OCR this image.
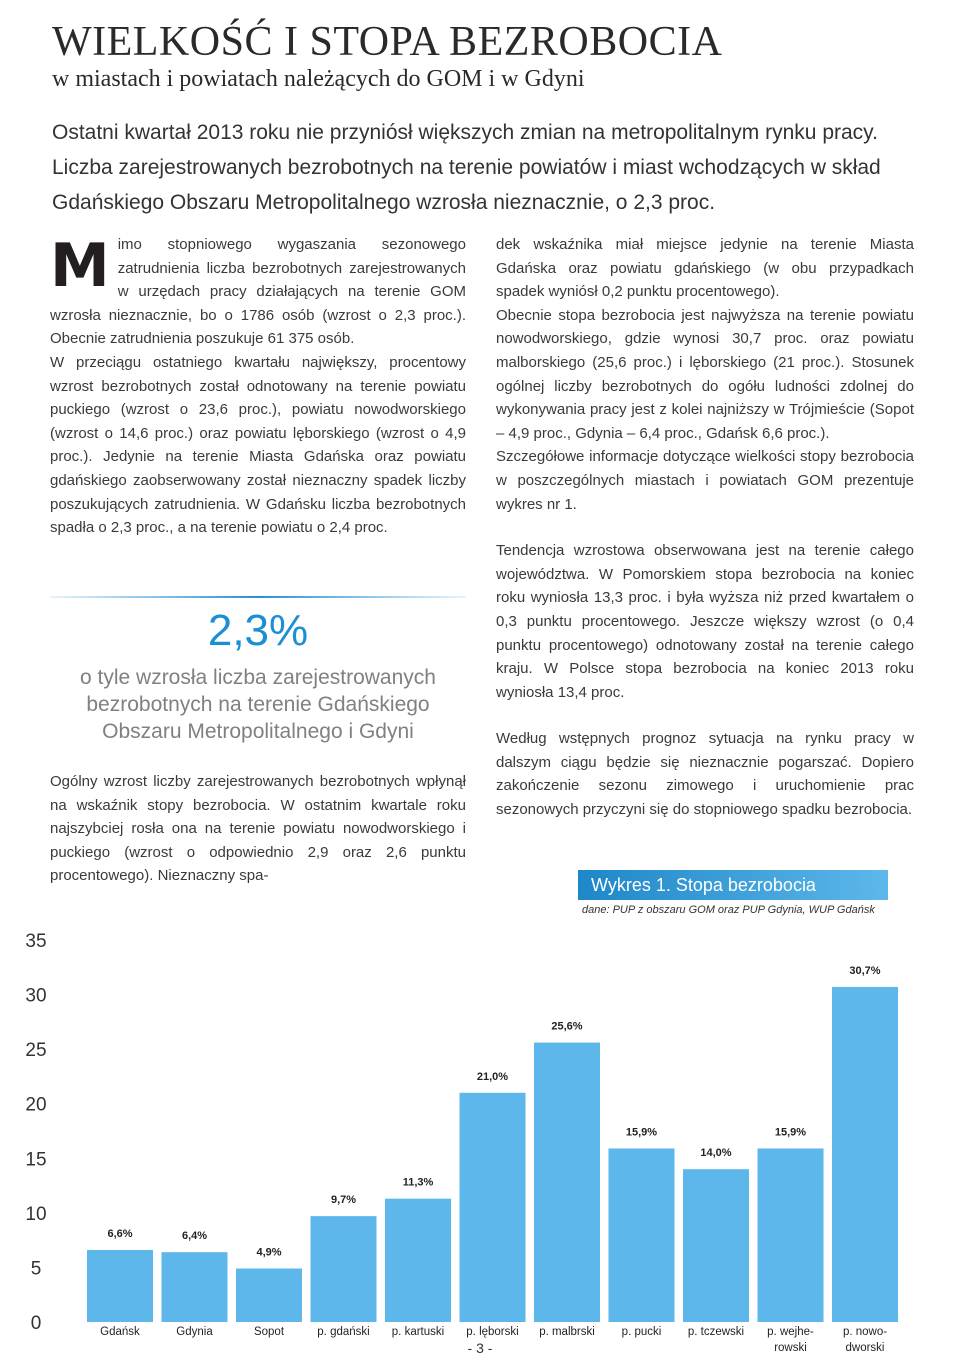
WIELKOŚĆ I STOPA BEZROBOCIA
w miastach i powiatach należących do GOM i w Gdyni
Ostatni kwartał 2013 roku nie przyniósł większych zmian na metropolitalnym rynku pracy. Liczba zarejestrowanych bezrobotnych na terenie powiatów i miast wchodzących w skład Gdańskiego Obszaru Metropolitalnego wzrosła nieznacznie, o 2,3 proc.

Mimo stopniowego wygaszania sezonowego zatrudnienia liczba bezrobotnych zarejestrowanych w urzędach pracy działających na terenie GOM wzrosła nieznacznie, bo o 1786 osób (wzrost o 2,3 proc.). Obecnie zatrudnienia poszukuje 61 375 osób.

W przeciągu ostatniego kwartału największy, procentowy wzrost bezrobotnych został odnotowany na terenie powiatu puckiego (wzrost o 23,6 proc.), powiatu nowodworskiego (wzrost o 14,6 proc.) oraz powiatu lęborskiego (wzrost o 4,9 proc.). Jedynie na terenie Miasta Gdańska oraz powiatu gdańskiego zaobserwowany został nieznaczny spadek liczby poszukujących zatrudnienia. W Gdańsku liczba bezrobotnych spadła o 2,3 proc., a na terenie powiatu o 2,4 proc.

2,3%
o tyle wzrosła liczba zarejestrowanych bezrobotnych na terenie Gdańskiego Obszaru Metropolitalnego i Gdyni

Ogólny wzrost liczby zarejestrowanych bezrobotnych wpłynął na wskaźnik stopy bezrobocia. W ostatnim kwartale roku najszybciej rosła ona na terenie powiatu nowodworskiego i puckiego (wzrost o odpowiednio 2,9 oraz 2,6 punktu procentowego). Nieznaczny spa-

dek wskaźnika miał miejsce jedynie na terenie Miasta Gdańska oraz powiatu gdańskiego (w obu przypadkach spadek wyniósł 0,2 punktu procentowego).

Obecnie stopa bezrobocia jest najwyższa na terenie powiatu nowodworskiego, gdzie wynosi 30,7 proc. oraz powiatu malborskiego (25,6 proc.) i lęborskiego (21 proc.). Stosunek ogólnej liczby bezrobotnych do ogółu ludności zdolnej do wykonywania pracy jest z kolei najniższy w Trójmieście (Sopot – 4,9 proc., Gdynia – 6,4 proc., Gdańsk 6,6 proc.).

Szczegółowe informacje dotyczące wielkości stopy bezrobocia w poszczególnych miastach i powiatach GOM prezentuje wykres nr 1.

Tendencja wzrostowa obserwowana jest na terenie całego województwa. W Pomorskiem stopa bezrobocia na koniec roku wyniosła 13,3 proc. i była wyższa niż przed kwartałem o 0,3 punktu procentowego. Jeszcze większy wzrost (o 0,4 punktu procentowego) odnotowany został na terenie całego kraju. W Polsce stopa bezrobocia na koniec 2013 roku wyniosła 13,4 proc.

Według wstępnych prognoz sytuacja na rynku pracy w dalszym ciągu będzie się nieznacznie pogarszać. Dopiero zakończenie sezonu zimowego i uruchomienie prac sezonowych przyczyni się do stopniowego spadku bezrobocia.

Wykres 1. Stopa bezrobocia
dane: PUP z obszaru GOM oraz PUP Gdynia, WUP Gdańsk
0
5
10
15
20
25
30
35
6,6%
Gdańsk
6,4%
Gdynia
4,9%
Sopot
9,7%
p. gdański
11,3%
p. kartuski
21,0%
p. lęborski
25,6%
p. malbrski
15,9%
p. pucki
14,0%
p. tczewski
15,9%
p. wejhe-
rowski
30,7%
p. nowo-
dworski
- 3 -
